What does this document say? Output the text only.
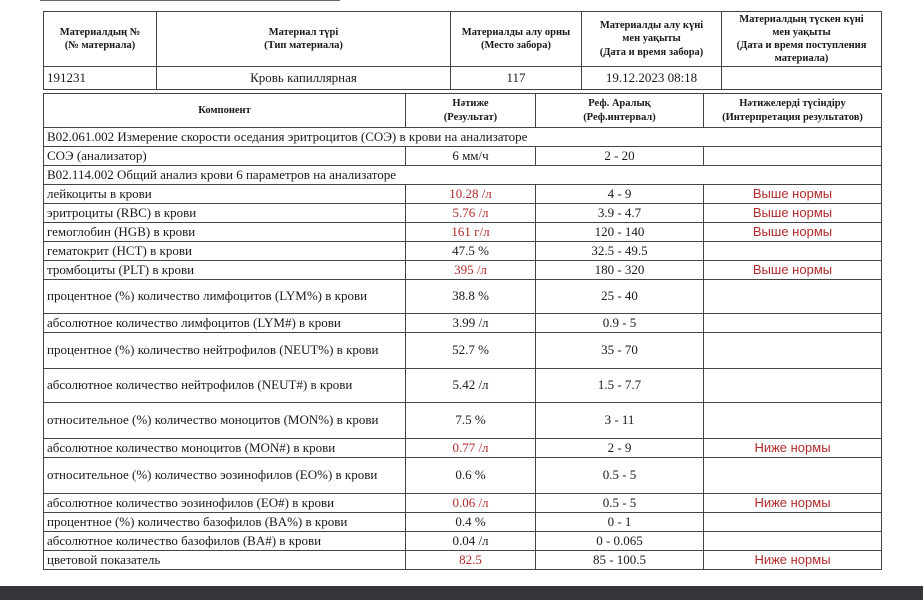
Материалдың №
(№ материала)	Материал түрі
(Тип материала)	Материалды алу орны
(Место забора)	Материалды алу күні
мен уақыты
(Дата и время забора)	Материалдың түскен күні
мен уақыты
(Дата и время поступления
материала)
191231	Кровь капиллярная	117	19.12.2023 08:18	
Компонент	Нәтиже
(Результат)	Реф. Аралық
(Реф.интервал)	Нәтижелерді түсіндіру
(Интерпретация результатов)
B02.061.002 Измерение скорости оседания эритроцитов (СОЭ) в крови на анализаторе			
СОЭ (анализатор)	6 мм/ч	2 - 20	
B02.114.002 Общий анализ крови 6 параметров на анализаторе			
лейкоциты в крови	10.28 /л	4 - 9	Выше нормы
эритроциты (RBC) в крови	5.76 /л	3.9 - 4.7	Выше нормы
гемоглобин (HGB) в крови	161 г/л	120 - 140	Выше нормы
гематокрит (HCT) в крови	47.5 %	32.5 - 49.5	
тромбоциты (PLT) в крови	395 /л	180 - 320	Выше нормы
процентное (%) количество лимфоцитов (LYM%) в крови	38.8 %	25 - 40	
абсолютное количество лимфоцитов (LYM#) в крови	3.99 /л	0.9 - 5	
процентное (%) количество нейтрофилов (NEUT%) в крови	52.7 %	35 - 70	
абсолютное количество нейтрофилов (NEUT#) в крови	5.42 /л	1.5 - 7.7	
относительное (%) количество моноцитов (MON%) в крови	7.5 %	3 - 11	
абсолютное количество моноцитов (MON#) в крови	0.77 /л	2 - 9	Ниже нормы
относительное (%) количество эозинофилов (EO%) в крови	0.6 %	0.5 - 5	
абсолютное количество эозинофилов (EO#) в крови	0.06 /л	0.5 - 5	Ниже нормы
процентное (%) количество базофилов (BA%) в крови	0.4 %	0 - 1	
абсолютное количество базофилов (BA#) в крови	0.04 /л	0 - 0.065	
цветовой показатель	82.5	85 - 100.5	Ниже нормы
